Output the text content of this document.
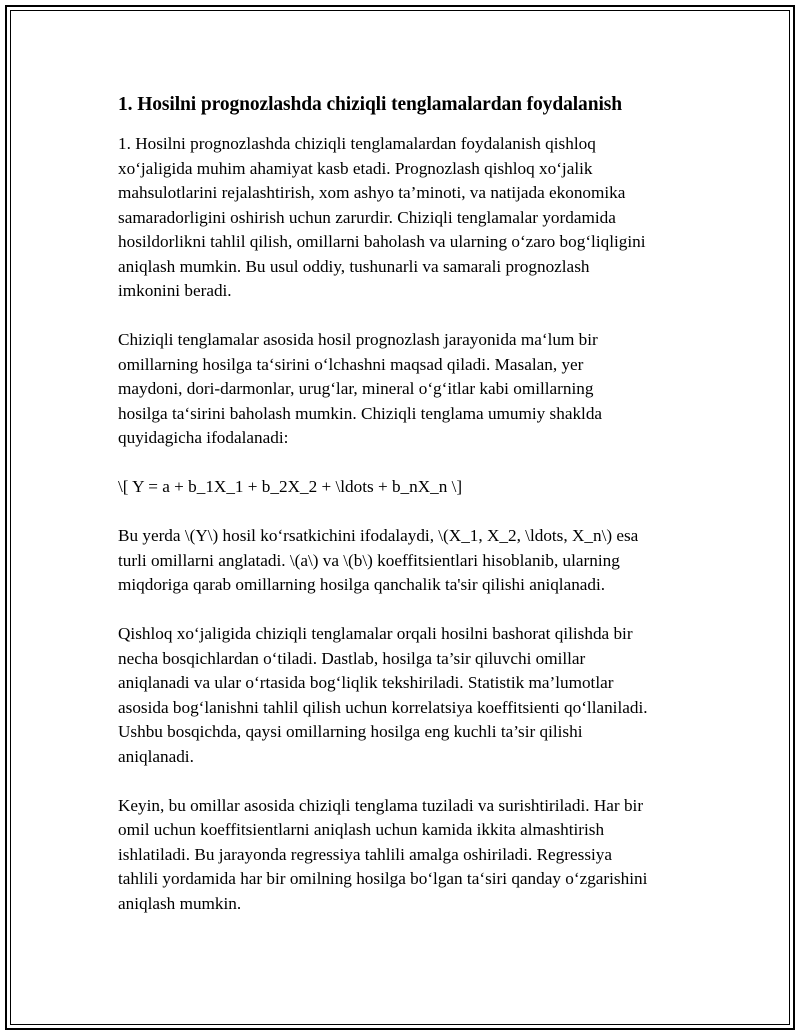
1. Hosilni prognozlashda chiziqli tenglamalardan foydalanish

1. Hosilni prognozlashda chiziqli tenglamalardan foydalanish qishloq
xo‘jaligida muhim ahamiyat kasb etadi. Prognozlash qishloq xo‘jalik
mahsulotlarini rejalashtirish, xom ashyo ta’minoti, va natijada ekonomika
samaradorligini oshirish uchun zarurdir. Chiziqli tenglamalar yordamida
hosildorlikni tahlil qilish, omillarni baholash va ularning o‘zaro bog‘liqligini
aniqlash mumkin. Bu usul oddiy, tushunarli va samarali prognozlash
imkonini beradi.

Chiziqli tenglamalar asosida hosil prognozlash jarayonida ma‘lum bir
omillarning hosilga ta‘sirini o‘lchashni maqsad qiladi. Masalan, yer
maydoni, dori-darmonlar, urug‘lar, mineral o‘g‘itlar kabi omillarning
hosilga ta‘sirini baholash mumkin. Chiziqli tenglama umumiy shaklda
quyidagicha ifodalanadi:

\[ Y = a + b_1X_1 + b_2X_2 + \ldots + b_nX_n \]

Bu yerda \(Y\) hosil ko‘rsatkichini ifodalaydi, \(X_1, X_2, \ldots, X_n\) esa
turli omillarni anglatadi. \(a\) va \(b\) koeffitsientlari hisoblanib, ularning
miqdoriga qarab omillarning hosilga qanchalik ta'sir qilishi aniqlanadi.

Qishloq xo‘jaligida chiziqli tenglamalar orqali hosilni bashorat qilishda bir
necha bosqichlardan o‘tiladi. Dastlab, hosilga ta’sir qiluvchi omillar
aniqlanadi va ular o‘rtasida bog‘liqlik tekshiriladi. Statistik ma’lumotlar
asosida bog‘lanishni tahlil qilish uchun korrelatsiya koeffitsienti qo‘llaniladi.
Ushbu bosqichda, qaysi omillarning hosilga eng kuchli ta’sir qilishi
aniqlanadi.

Keyin, bu omillar asosida chiziqli tenglama tuziladi va surishtiriladi. Har bir
omil uchun koeffitsientlarni aniqlash uchun kamida ikkita almashtirish
ishlatiladi. Bu jarayonda regressiya tahlili amalga oshiriladi. Regressiya
tahlili yordamida har bir omilning hosilga bo‘lgan ta‘siri qanday o‘zgarishini
aniqlash mumkin.
